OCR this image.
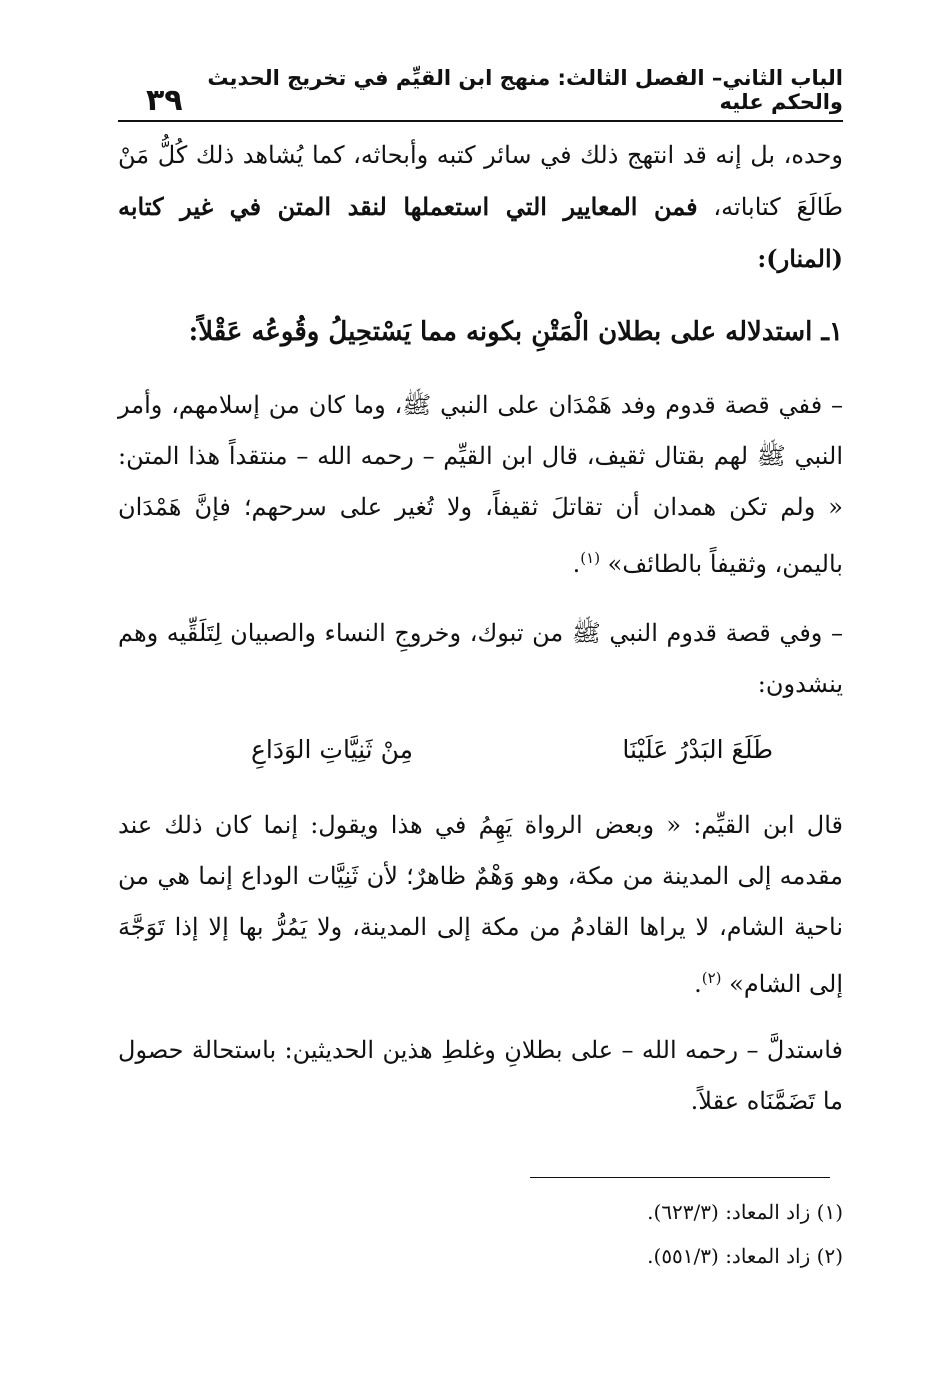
الباب الثاني– الفصل الثالث: منهج ابن القيِّم في تخريج الحديث والحكم عليه
٣٩
وحده، بل إنه قد انتهج ذلك في سائر كتبه وأبحاثه، كما يُشاهد ذلك كُلُّ مَنْ طَالَعَ كتاباته، فمن المعايير التي استعملها لنقد المتن في غير كتابه (المنار):
١ـ استدلاله على بطلان الْمَتْنِ بكونه مما يَسْتحِيلُ وقُوعُه عَقْلاً:
– ففي قصة قدوم وفد هَمْدَان على النبي ﷺ، وما كان من إسلامهم، وأمر النبي ﷺ لهم بقتال ثقيف، قال ابن القيِّم – رحمه الله – منتقداً هذا المتن: « ولم تكن همدان أن تقاتلَ ثقيفاً، ولا تُغير على سرحهم؛ فإنَّ هَمْدَان باليمن، وثقيفاً بالطائف» $^{(١)}$.
– وفي قصة قدوم النبي ﷺ من تبوك، وخروجِ النساء والصبيان لِتَلَقِّيه وهم ينشدون:
طَلَعَ البَدْرُ عَلَيْنَا
مِنْ ثَنِيَّاتِ الوَدَاعِ
قال ابن القيِّم: « وبعض الرواة يَهِمُ في هذا ويقول: إنما كان ذلك عند مقدمه إلى المدينة من مكة، وهو وَهْمٌ ظاهرٌ؛ لأن ثَنِيَّات الوداع إنما هي من ناحية الشام، لا يراها القادمُ من مكة إلى المدينة، ولا يَمُرُّ بها إلا إذا تَوَجَّهَ إلى الشام» $^{(٢)}$.
فاستدلَّ – رحمه الله – على بطلانِ وغلطِ هذين الحديثين: باستحالة حصول ما تَضَمَّنَاه عقلاً.
(١) زاد المعاد: (٦٢٣/٣).
(٢) زاد المعاد: (٥٥١/٣).
